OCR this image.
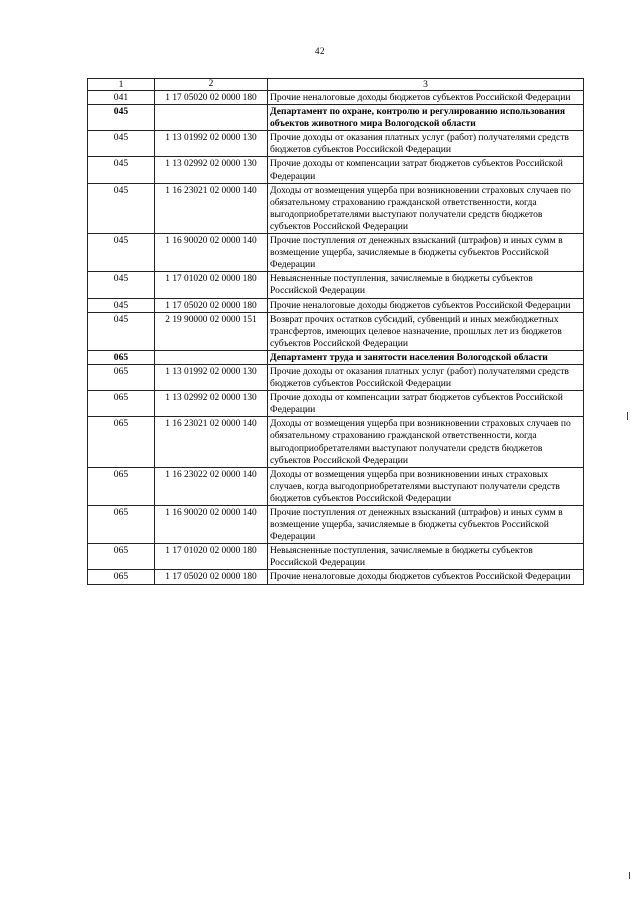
42
1	2	3
041	1 17 05020 02 0000 180	Прочие неналоговые доходы бюджетов субъектов Российской Федерации
045		Департамент по охране, контролю и регулированию использования объектов животного мира Вологодской области
045	1 13 01992 02 0000 130	Прочие доходы от оказания платных услуг (работ) получателями средств бюджетов субъектов Российской Федерации
045	1 13 02992 02 0000 130	Прочие доходы от компенсации затрат бюджетов субъектов Российской Федерации
045	1 16 23021 02 0000 140	Доходы от возмещения ущерба при возникновении страховых случаев по обязательному страхованию гражданской ответственности, когда выгодоприобретателями выступают получатели средств бюджетов субъектов Российской Федерации
045	1 16 90020 02 0000 140	Прочие поступления от денежных взысканий (штрафов) и иных сумм в возмещение ущерба, зачисляемые в бюджеты субъектов Российской Федерации
045	1 17 01020 02 0000 180	Невыясненные поступления, зачисляемые в бюджеты субъектов Российской Федерации
045	1 17 05020 02 0000 180	Прочие неналоговые доходы бюджетов субъектов Российской Федерации
045	2 19 90000 02 0000 151	Возврат прочих остатков субсидий, субвенций и иных межбюджетных трансфертов, имеющих целевое назначение, прошлых лет из бюджетов субъектов Российской Федерации
065		Департамент труда и занятости населения Вологодской области
065	1 13 01992 02 0000 130	Прочие доходы от оказания платных услуг (работ) получателями средств бюджетов субъектов Российской Федерации
065	1 13 02992 02 0000 130	Прочие доходы от компенсации затрат бюджетов субъектов Российской Федерации
065	1 16 23021 02 0000 140	Доходы от возмещения ущерба при возникновении страховых случаев по обязательному страхованию гражданской ответственности, когда выгодоприобретателями выступают получатели средств бюджетов субъектов Российской Федерации
065	1 16 23022 02 0000 140	Доходы от возмещения ущерба при возникновении иных страховых случаев, когда выгодоприобретателями выступают получатели средств бюджетов субъектов Российской Федерации
065	1 16 90020 02 0000 140	Прочие поступления от денежных взысканий (штрафов) и иных сумм в возмещение ущерба, зачисляемые в бюджеты субъектов Российской Федерации
065	1 17 01020 02 0000 180	Невыясненные поступления, зачисляемые в бюджеты субъектов Российской Федерации
065	1 17 05020 02 0000 180	Прочие неналоговые доходы бюджетов субъектов Российской Федерации
